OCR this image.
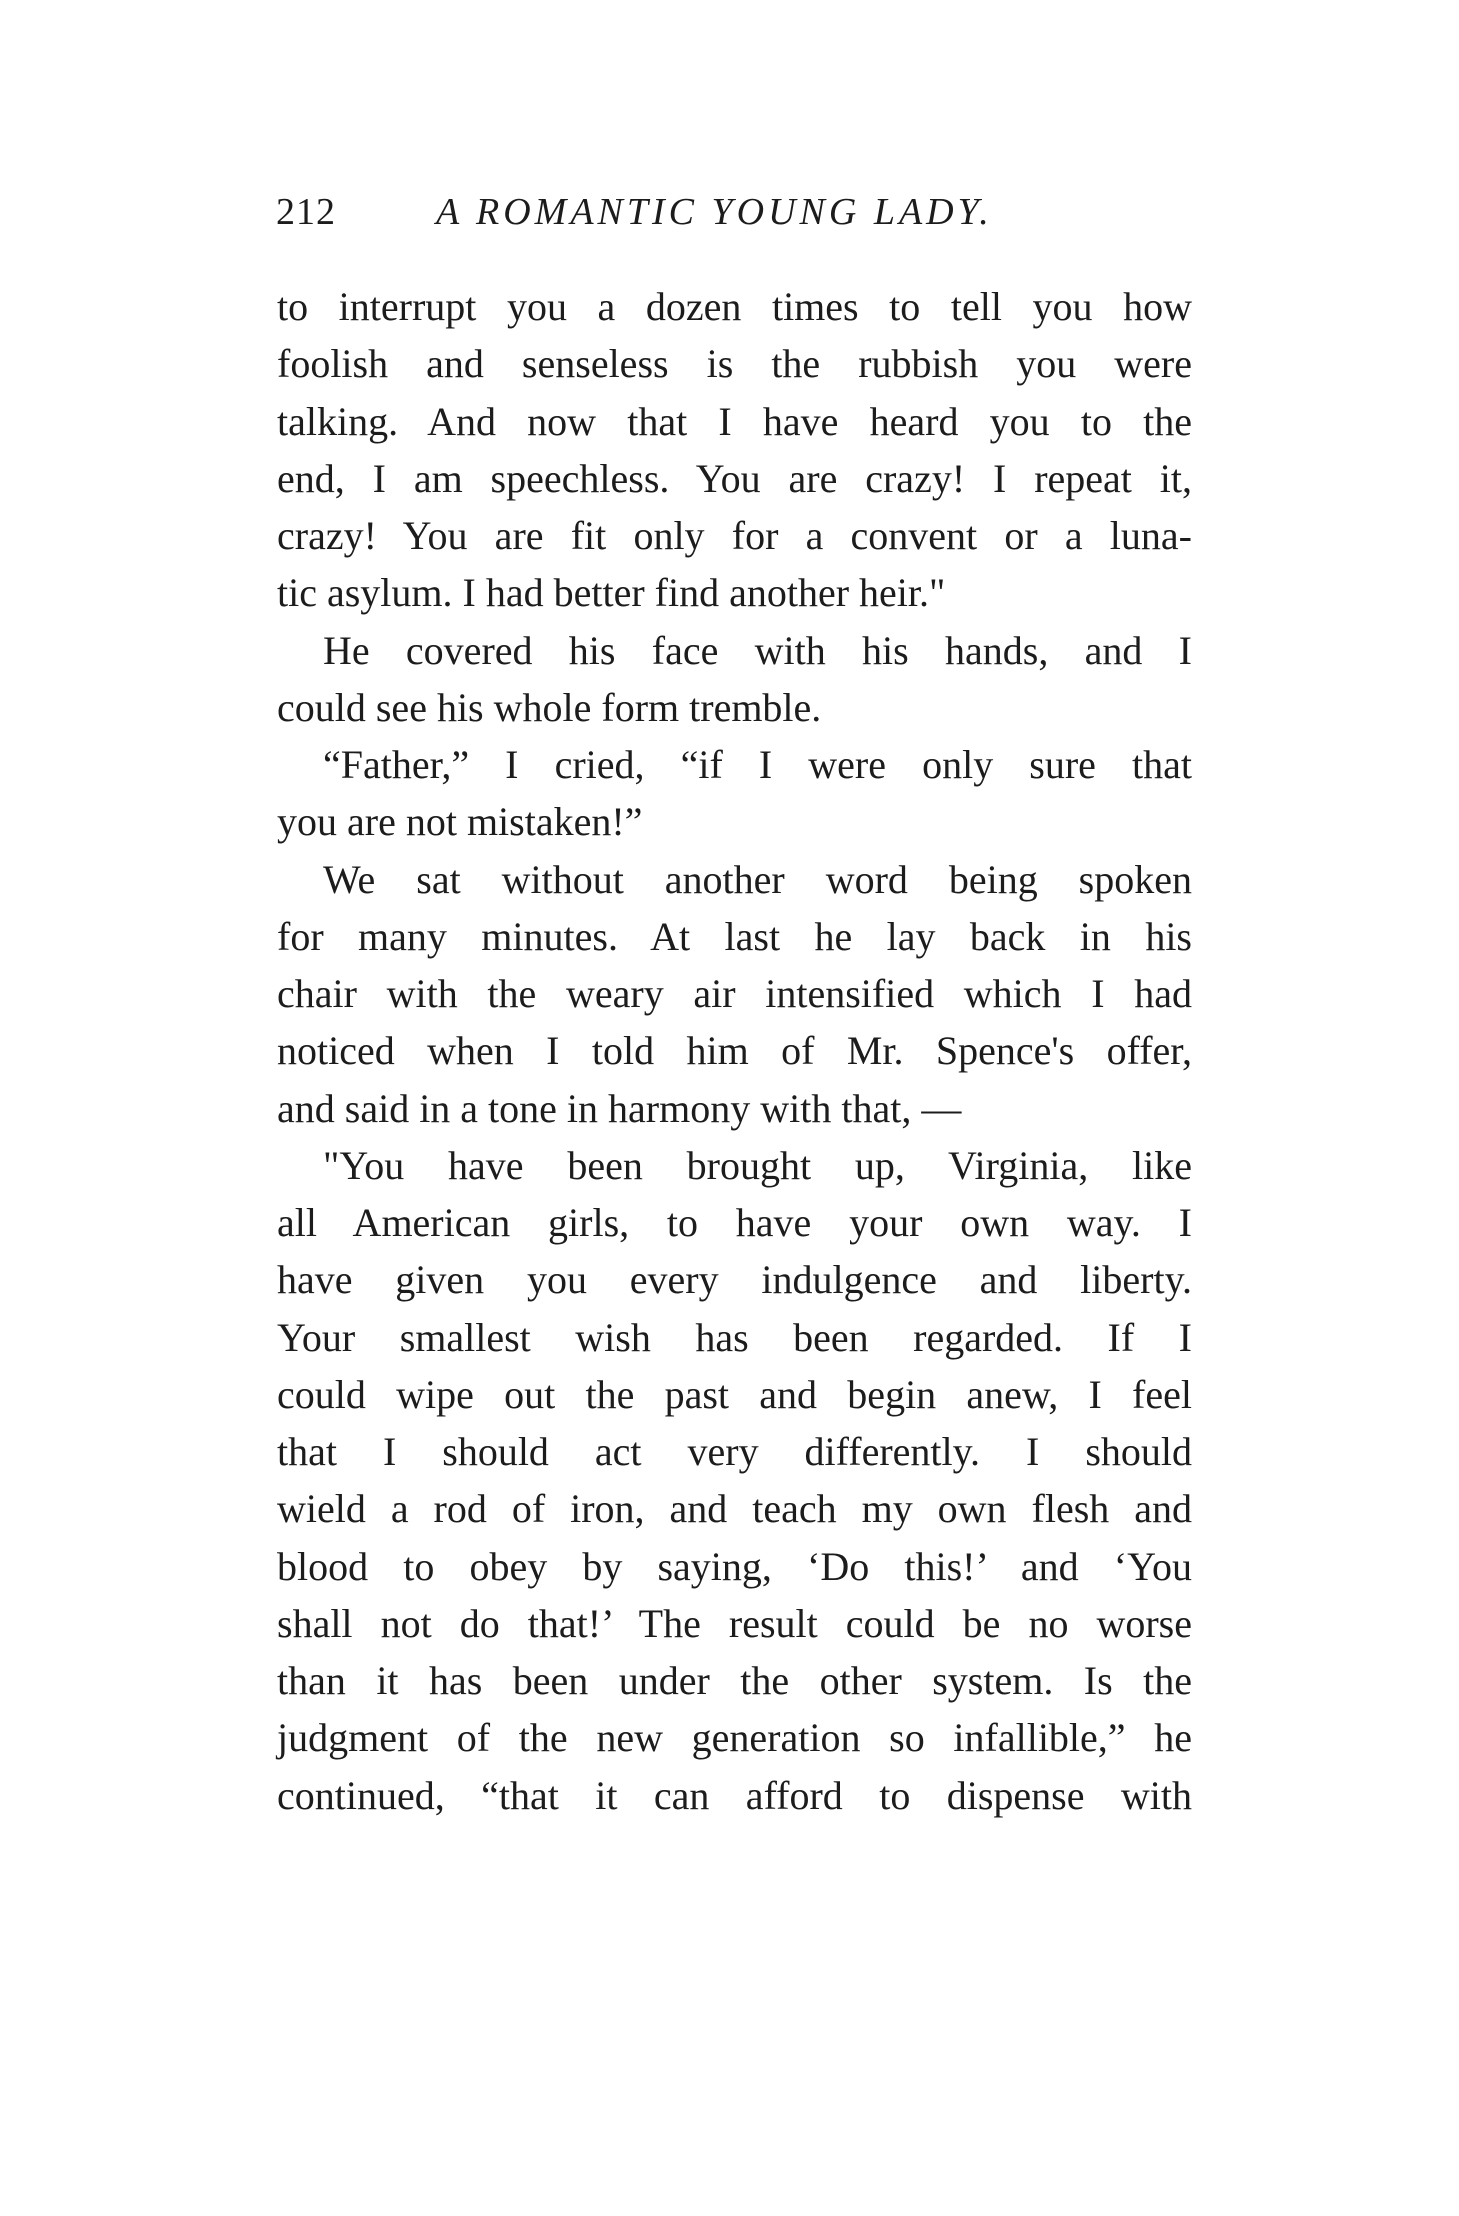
212	A ROMANTIC YOUNG LADY.
to interrupt you a dozen times to tell you how
foolish and senseless is the rubbish you were
talking. And now that I have heard you to the
end, I am speechless. You are crazy! I repeat it,
crazy! You are fit only for a convent or a luna-
tic asylum. I had better find another heir."
He covered his face with his hands, and I
could see his whole form tremble.
“Father,” I cried, “if I were only sure that
you are not mistaken!”
We sat without another word being spoken
for many minutes. At last he lay back in his
chair with the weary air intensified which I had
noticed when I told him of Mr. Spence's offer,
and said in a tone in harmony with that, —
"You have been brought up, Virginia, like
all American girls, to have your own way. I
have given you every indulgence and liberty.
Your smallest wish has been regarded. If I
could wipe out the past and begin anew, I feel
that I should act very differently. I should
wield a rod of iron, and teach my own flesh and
blood to obey by saying, ‘Do this!’ and ‘You
shall not do that!’ The result could be no worse
than it has been under the other system. Is the
judgment of the new generation so infallible,” he
continued, “that it can afford to dispense with
